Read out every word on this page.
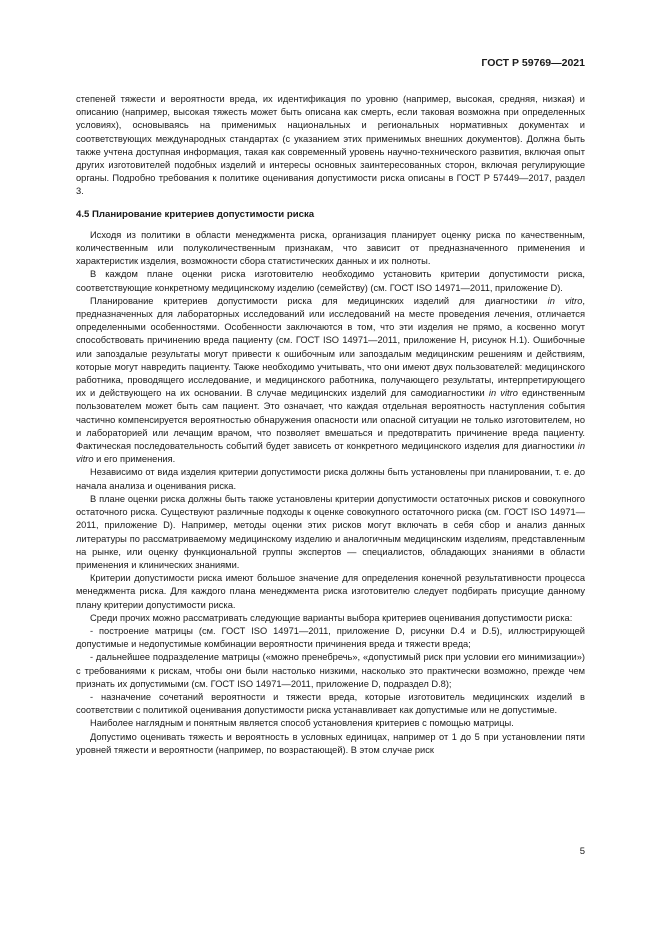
ГОСТ Р 59769—2021

степеней тяжести и вероятности вреда, их идентификация по уровню (например, высокая, средняя, низкая) и описанию (например, высокая тяжесть может быть описана как смерть, если таковая возможна при определенных условиях), основываясь на применимых национальных и региональных нормативных документах и соответствующих международных стандартах (с указанием этих применимых внешних документов). Должна быть также учтена доступная информация, такая как современный уровень научно-технического развития, включая опыт других изготовителей подобных изделий и интересы основных заинтересованных сторон, включая регулирующие органы. Подробно требования к политике оценивания допустимости риска описаны в ГОСТ Р 57449—2017, раздел 3.

4.5 Планирование критериев допустимости риска

Исходя из политики в области менеджмента риска, организация планирует оценку риска по качественным, количественным или полуколичественным признакам, что зависит от предназначенного применения и характеристик изделия, возможности сбора статистических данных и их полноты.

В каждом плане оценки риска изготовителю необходимо установить критерии допустимости риска, соответствующие конкретному медицинскому изделию (семейству) (см. ГОСТ ISO 14971—2011, приложение D).

Планирование критериев допустимости риска для медицинских изделий для диагностики in vitro, предназначенных для лабораторных исследований или исследований на месте проведения лечения, отличается определенными особенностями. Особенности заключаются в том, что эти изделия не прямо, а косвенно могут способствовать причинению вреда пациенту (см. ГОСТ ISO 14971—2011, приложение Н, рисунок Н.1). Ошибочные или запоздалые результаты могут привести к ошибочным или запоздалым медицинским решениям и действиям, которые могут навредить пациенту. Также необходимо учитывать, что они имеют двух пользователей: медицинского работника, проводящего исследование, и медицинского работника, получающего результаты, интерпретирующего их и действующего на их основании. В случае медицинских изделий для самодиагностики in vitro единственным пользователем может быть сам пациент. Это означает, что каждая отдельная вероятность наступления события частично компенсируется вероятностью обнаружения опасности или опасной ситуации не только изготовителем, но и лабораторией или лечащим врачом, что позволяет вмешаться и предотвратить причинение вреда пациенту. Фактическая последовательность событий будет зависеть от конкретного медицинского изделия для диагностики in vitro и его применения.

Независимо от вида изделия критерии допустимости риска должны быть установлены при планировании, т. е. до начала анализа и оценивания риска.

В плане оценки риска должны быть также установлены критерии допустимости остаточных рисков и совокупного остаточного риска. Существуют различные подходы к оценке совокупного остаточного риска (см. ГОСТ ISO 14971—2011, приложение D). Например, методы оценки этих рисков могут включать в себя сбор и анализ данных литературы по рассматриваемому медицинскому изделию и аналогичным медицинским изделиям, представленным на рынке, или оценку функциональной группы экспертов — специалистов, обладающих знаниями в области применения и клинических знаниями.

Критерии допустимости риска имеют большое значение для определения конечной результативности процесса менеджмента риска. Для каждого плана менеджмента риска изготовителю следует подбирать присущие данному плану критерии допустимости риска.

Среди прочих можно рассматривать следующие варианты выбора критериев оценивания допустимости риска:

- построение матрицы (см. ГОСТ ISO 14971—2011, приложение D, рисунки D.4 и D.5), иллюстрирующей допустимые и недопустимые комбинации вероятности причинения вреда и тяжести вреда;

- дальнейшее подразделение матрицы («можно пренебречь», «допустимый риск при условии его минимизации») с требованиями к рискам, чтобы они были настолько низкими, насколько это практически возможно, прежде чем признать их допустимыми (см. ГОСТ ISO 14971—2011, приложение D, подраздел D.8);

- назначение сочетаний вероятности и тяжести вреда, которые изготовитель медицинских изделий в соответствии с политикой оценивания допустимости риска устанавливает как допустимые или не допустимые.

Наиболее наглядным и понятным является способ установления критериев с помощью матрицы.

Допустимо оценивать тяжесть и вероятность в условных единицах, например от 1 до 5 при установлении пяти уровней тяжести и вероятности (например, по возрастающей). В этом случае риск

5
